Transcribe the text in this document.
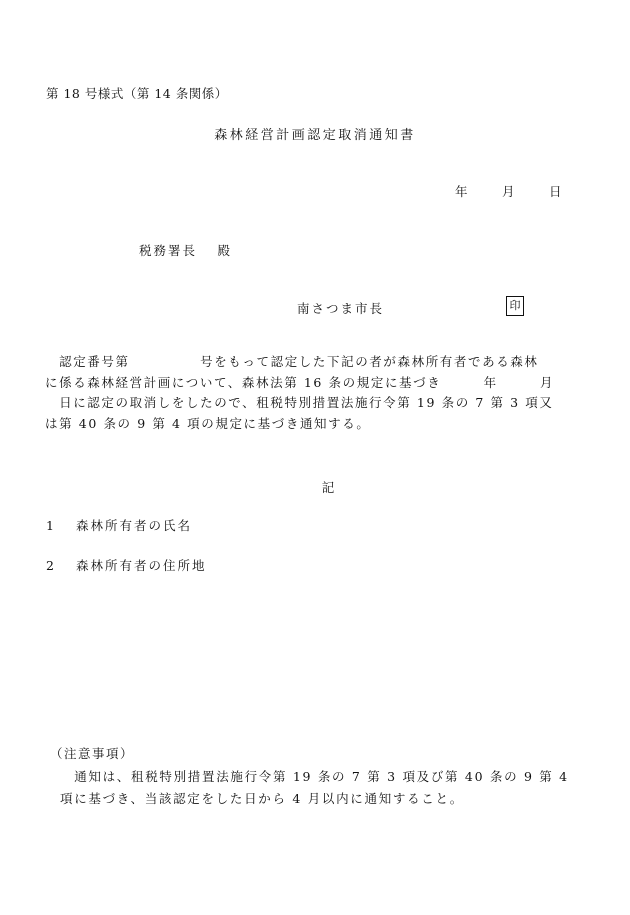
第 18 号様式（第 14 条関係）
森林経営計画認定取消通知書
年	月	日
税務署長　 殿
南さつま市長	印
　認定番号第　　　　　号をもって認定した下記の者が森林所有者である森林
に係る森林経営計画について、森林法第 16 条の規定に基づき　　　年　　　月
　日に認定の取消しをしたので、租税特別措置法施行令第 19 条の 7 第 3 項又
は第 40 条の 9 第 4 項の規定に基づき通知する。
記
1 森林所有者の氏名
2 森林所有者の住所地
（注意事項）
　通知は、租税特別措置法施行令第 19 条の 7 第 3 項及び第 40 条の 9 第 4
項に基づき、当該認定をした日から 4 月以内に通知すること。
